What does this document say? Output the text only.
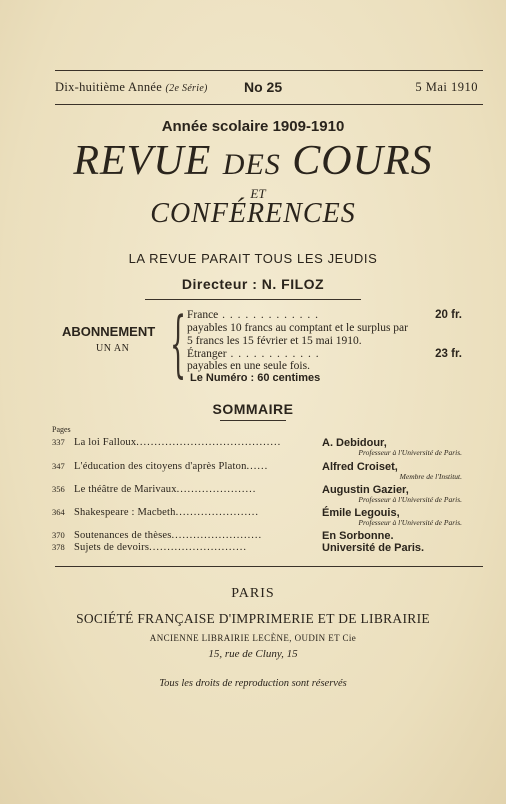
Dix-huitième Année (2e Série)	No 25	5 Mai 1910
Année scolaire 1909-1910
REVUE DES COURS
ET
CONFÉRENCES
LA REVUE PARAIT TOUS LES JEUDIS
Directeur : N. FILOZ
ABONNEMENT
UN AN { France . . . . . . . . . . . . .	20 fr.
payables 10 francs au comptant et le surplus par
5 francs les 15 février et 15 mai 1910.
Étranger . . . . . . . . . . . .	23 fr.
payables en une seule fois.
Le Numéro : 60 centimes
SOMMAIRE
Pages
337 La loi Falloux........................................	A. Debidour,
Professeur à l'Université de Paris.
347 L'éducation des citoyens d'après Platon......	Alfred Croiset,
Membre de l'Institut.
356 Le théâtre de Marivaux......................	Augustin Gazier,
Professeur à l'Université de Paris.
364 Shakespeare : Macbeth.......................	Émile Legouis,
Professeur à l'Université de Paris.
370 Soutenances de thèses.........................	En Sorbonne.
378 Sujets de devoirs...........................	Université de Paris.
PARIS
SOCIÉTÉ FRANÇAISE D'IMPRIMERIE ET DE LIBRAIRIE
ANCIENNE LIBRAIRIE LECÈNE, OUDIN ET Cie
15, rue de Cluny, 15
Tous les droits de reproduction sont réservés
